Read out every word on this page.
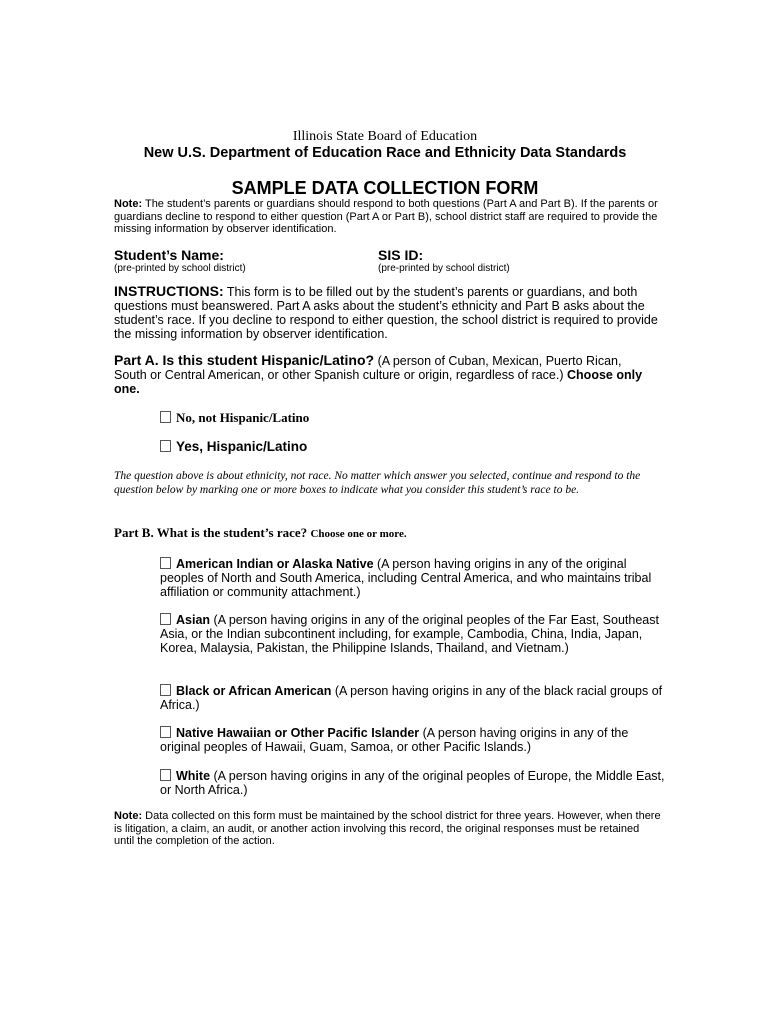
Illinois State Board of Education
New U.S. Department of Education Race and Ethnicity Data Standards
SAMPLE DATA COLLECTION FORM
Note: The student’s parents or guardians should respond to both questions (Part A and Part B). If the parents or guardians decline to respond to either question (Part A or Part B), school district staff are required to provide the missing information by observer identification.
Student’s Name:
(pre-printed by school district)
SIS ID:
(pre-printed by school district)
INSTRUCTIONS: This form is to be filled out by the student’s parents or guardians, and both questions must beanswered. Part A asks about the student’s ethnicity and Part B asks about the student’s race. If you decline to respond to either question, the school district is required to provide the missing information by observer identification.
Part A. Is this student Hispanic/Latino? (A person of Cuban, Mexican, Puerto Rican, South or Central American, or other Spanish culture or origin, regardless of race.) Choose only one.
No, not Hispanic/Latino
Yes, Hispanic/Latino
The question above is about ethnicity, not race. No matter which answer you selected, continue and respond to the question below by marking one or more boxes to indicate what you consider this student’s race to be.
Part B. What is the student’s race? Choose one or more.
American Indian or Alaska Native (A person having origins in any of the original peoples of North and South America, including Central America, and who maintains tribal affiliation or community attachment.)
Asian (A person having origins in any of the original peoples of the Far East, Southeast Asia, or the Indian subcontinent including, for example, Cambodia, China, India, Japan, Korea, Malaysia, Pakistan, the Philippine Islands, Thailand, and Vietnam.)
Black or African American (A person having origins in any of the black racial groups of Africa.)
Native Hawaiian or Other Pacific Islander (A person having origins in any of the original peoples of Hawaii, Guam, Samoa, or other Pacific Islands.)
White (A person having origins in any of the original peoples of Europe, the Middle East, or North Africa.)
Note: Data collected on this form must be maintained by the school district for three years. However, when there is litigation, a claim, an audit, or another action involving this record, the original responses must be retained until the completion of the action.
